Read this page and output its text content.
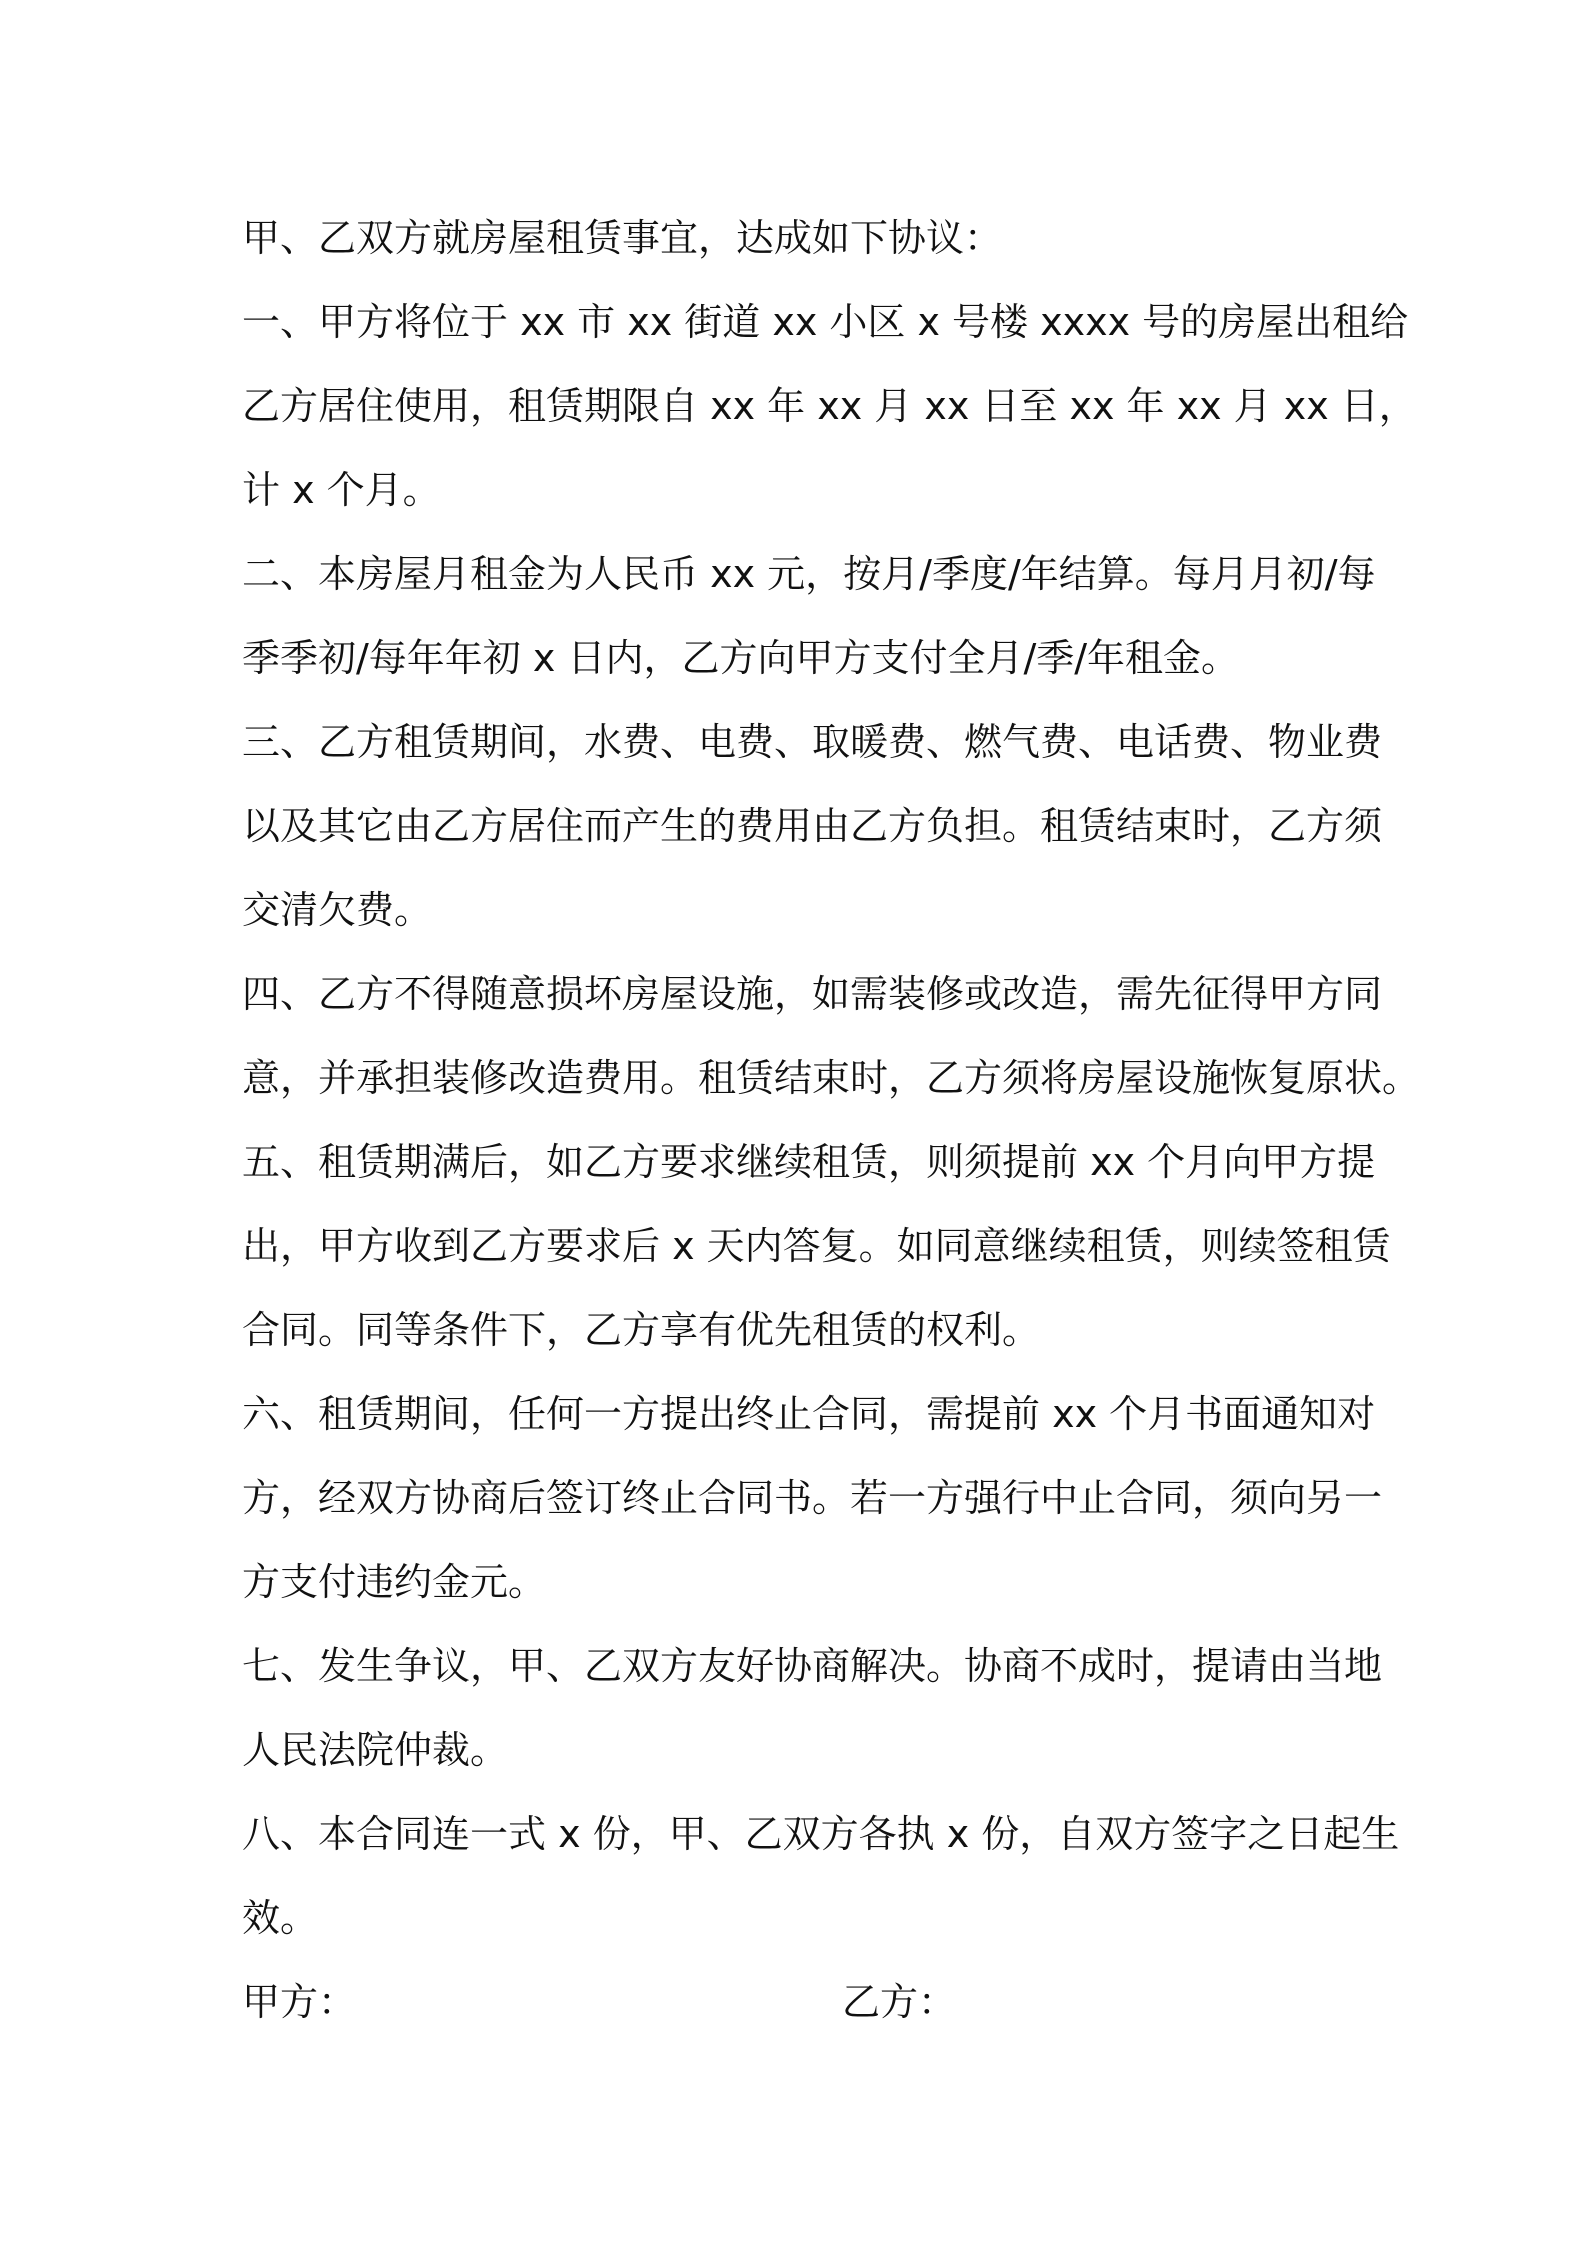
甲、乙双方就房屋租赁事宜，达成如下协议：

一、甲方将位于 xx 市 xx 街道 xx 小区 x 号楼 xxxx 号的房屋出租给
乙方居住使用，租赁期限自 xx 年 xx 月 xx 日至 xx 年 xx 月 xx 日，
计 x 个月。

二、本房屋月租金为人民币 xx 元，按月/季度/年结算。每月月初/每
季季初/每年年初 x 日内，乙方向甲方支付全月/季/年租金。

三、乙方租赁期间，水费、电费、取暖费、燃气费、电话费、物业费
以及其它由乙方居住而产生的费用由乙方负担。租赁结束时，乙方须
交清欠费。

四、乙方不得随意损坏房屋设施，如需装修或改造，需先征得甲方同
意，并承担装修改造费用。租赁结束时，乙方须将房屋设施恢复原状。

五、租赁期满后，如乙方要求继续租赁，则须提前 xx 个月向甲方提
出，甲方收到乙方要求后 x 天内答复。如同意继续租赁，则续签租赁
合同。同等条件下，乙方享有优先租赁的权利。

六、租赁期间，任何一方提出终止合同，需提前 xx 个月书面通知对
方，经双方协商后签订终止合同书。若一方强行中止合同，须向另一
方支付违约金元。

七、发生争议，甲、乙双方友好协商解决。协商不成时，提请由当地
人民法院仲裁。

八、本合同连一式 x 份，甲、乙双方各执 x 份，自双方签字之日起生
效。

甲方：	乙方：
